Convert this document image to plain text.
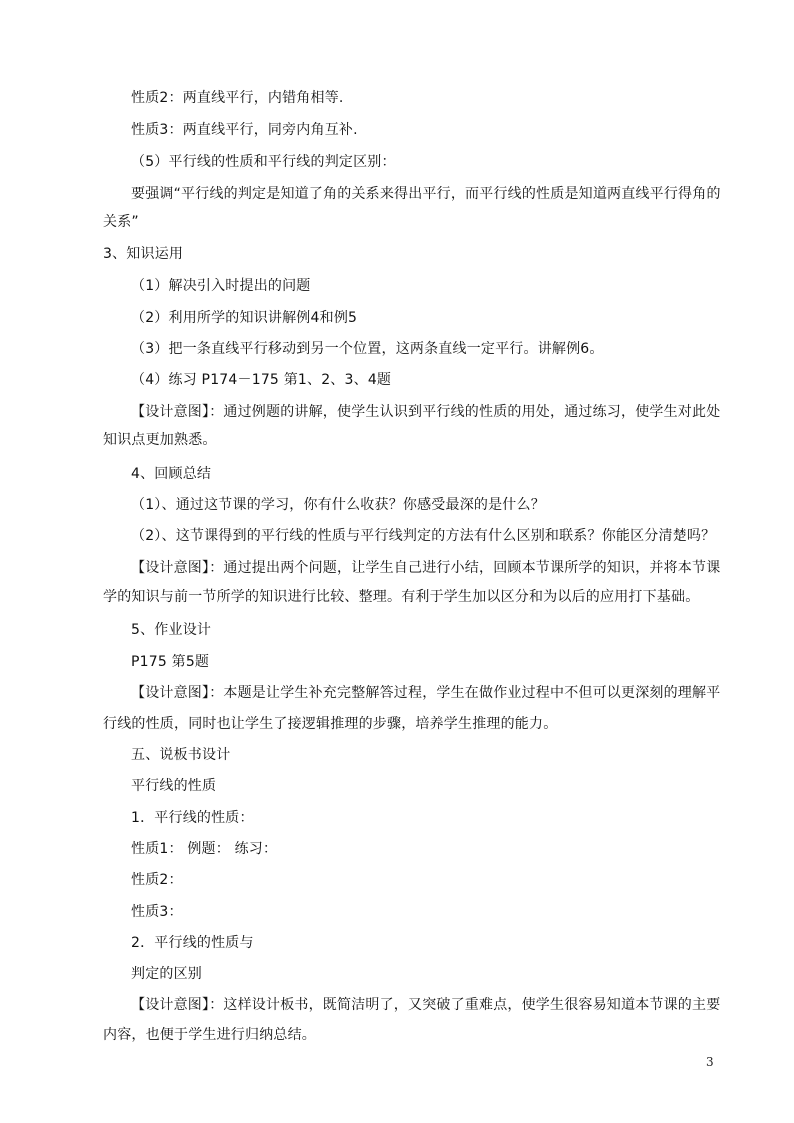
性质2：两直线平行，内错角相等.
性质3：两直线平行，同旁内角互补.
（5）平行线的性质和平行线的判定区别：
要强调“平行线的判定是知道了角的关系来得出平行，而平行线的性质是知道两直线平行得角的
关系”
3、知识运用
（1）解决引入时提出的问题
（2）利用所学的知识讲解例4和例5
（3）把一条直线平行移动到另一个位置，这两条直线一定平行。讲解例6。
（4）练习 P174－175 第1、2、3、4题
【设计意图】：通过例题的讲解，使学生认识到平行线的性质的用处，通过练习，使学生对此处
知识点更加熟悉。
4、回顾总结
（1）、通过这节课的学习，你有什么收获？你感受最深的是什么？
（2）、这节课得到的平行线的性质与平行线判定的方法有什么区别和联系？你能区分清楚吗？
【设计意图】：通过提出两个问题，让学生自己进行小结，回顾本节课所学的知识，并将本节课
学的知识与前一节所学的知识进行比较、整理。有利于学生加以区分和为以后的应用打下基础。
5、作业设计
P175 第5题
【设计意图】：本题是让学生补充完整解答过程，学生在做作业过程中不但可以更深刻的理解平
行线的性质，同时也让学生了接逻辑推理的步骤，培养学生推理的能力。
五、说板书设计
平行线的性质
1．平行线的性质：
性质1： 例题： 练习：
性质2：
性质3：
2．平行线的性质与
判定的区别
【设计意图】：这样设计板书，既简洁明了，又突破了重难点，使学生很容易知道本节课的主要
内容，也便于学生进行归纳总结。
3
